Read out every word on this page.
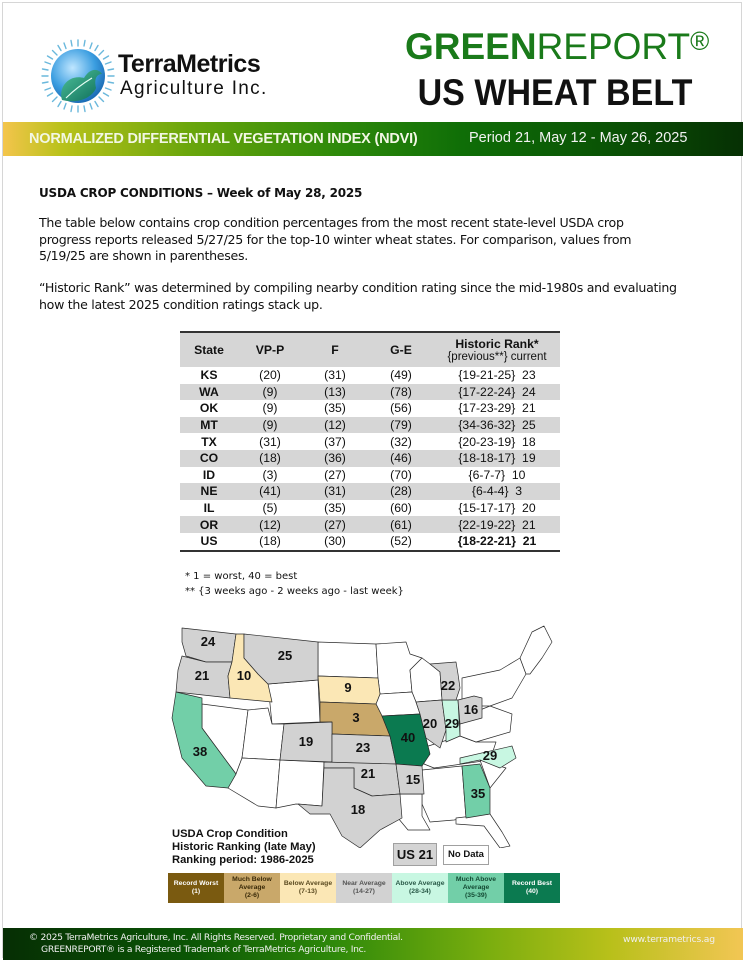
TerraMetrics
Agriculture Inc.
GREENREPORT®
US WHEAT BELT
NORMALIZED DIFFERENTIAL VEGETATION INDEX (NDVI)	Period 21, May 12 - May 26, 2025
USDA CROP CONDITIONS – Week of May 28, 2025
The table below contains crop condition percentages from the most recent state-level USDA crop progress reports released 5/27/25 for the top-10 winter wheat states. For comparison, values from 5/19/25 are shown in parentheses.
“Historic Rank” was determined by compiling nearby condition rating since the mid-1980s and evaluating how the latest 2025 condition ratings stack up.
State	VP-P	F	G-E	Historic Rank*
{previous**} current

KS	(20)	(31)	(49)	{19-21-25}  23
WA	(9)	(13)	(78)	{17-22-24}  24
OK	(9)	(35)	(56)	{17-23-29}  21
MT	(9)	(12)	(79)	{34-36-32}  25
TX	(31)	(37)	(32)	{20-23-19}  18
CO	(18)	(36)	(46)	{18-18-17}  19
ID	(3)	(27)	(70)	{6-7-7}  10
NE	(41)	(31)	(28)	{6-4-4}  3
IL	(5)	(35)	(60)	{15-17-17}  20
OR	(12)	(27)	(61)	{22-19-22}  21
US	(18)	(30)	(52)	{18-22-21}  21
* 1 = worst, 40 = best
** {3 weeks ago - 2 weeks ago - last week}
24
21 10
25
9
3
38
19	23
40
20 29
22
16
21 15
18
29
35
USDA Crop Condition
Historic Ranking (late May)
Ranking period: 1986-2025	US 21	No Data
Record Worst
(1)
Much Below Average
(2-6)
Below Average
(7-13)
Near Average
(14-27)
Above Average
(28-34)
Much Above Average
(35-39)
Record Best
(40)
© 2025 TerraMetrics Agriculture, Inc. All Rights Reserved. Proprietary and Confidential.
GREENREPORT® is a Registered Trademark of TerraMetrics Agriculture, Inc.
www.terrametrics.ag
